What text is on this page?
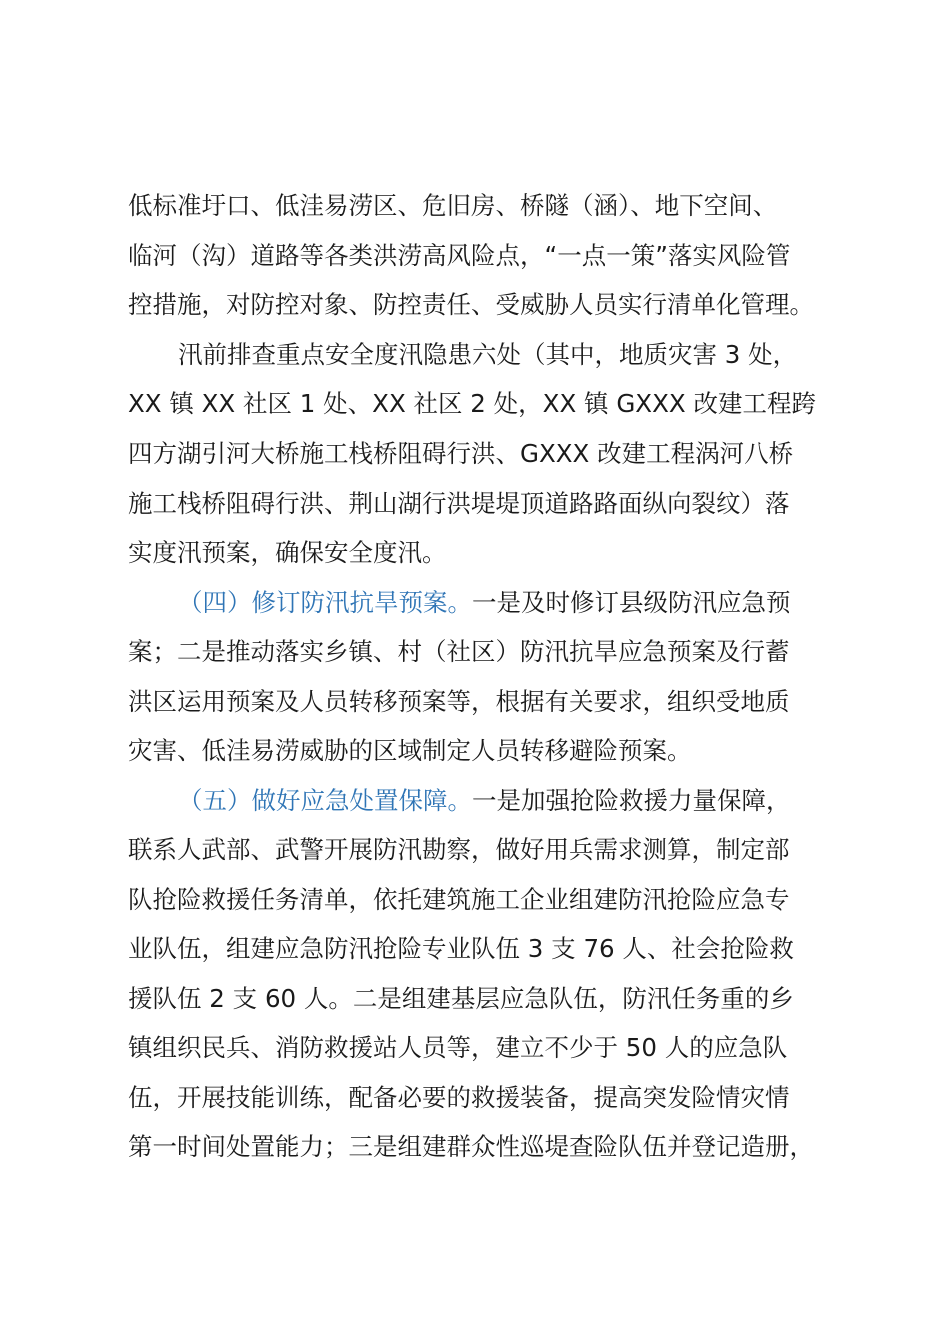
低标准圩口、低洼易涝区、危旧房、桥隧（涵）、地下空间、
临河（沟）道路等各类洪涝高风险点，“一点一策”落实风险管
控措施，对防控对象、防控责任、受威胁人员实行清单化管理。
汛前排查重点安全度汛隐患六处（其中，地质灾害 3 处，
XX 镇 XX 社区 1 处、XX 社区 2 处，XX 镇 GXXX 改建工程跨
四方湖引河大桥施工栈桥阻碍行洪、GXXX 改建工程涡河八桥
施工栈桥阻碍行洪、荆山湖行洪堤堤顶道路路面纵向裂纹）落
实度汛预案，确保安全度汛。
（四）修订防汛抗旱预案。一是及时修订县级防汛应急预
案；二是推动落实乡镇、村（社区）防汛抗旱应急预案及行蓄
洪区运用预案及人员转移预案等，根据有关要求，组织受地质
灾害、低洼易涝威胁的区域制定人员转移避险预案。
（五）做好应急处置保障。一是加强抢险救援力量保障，
联系人武部、武警开展防汛勘察，做好用兵需求测算，制定部
队抢险救援任务清单，依托建筑施工企业组建防汛抢险应急专
业队伍，组建应急防汛抢险专业队伍 3 支 76 人、社会抢险救
援队伍 2 支 60 人。二是组建基层应急队伍，防汛任务重的乡
镇组织民兵、消防救援站人员等，建立不少于 50 人的应急队
伍，开展技能训练，配备必要的救援装备，提高突发险情灾情
第一时间处置能力；三是组建群众性巡堤查险队伍并登记造册，
